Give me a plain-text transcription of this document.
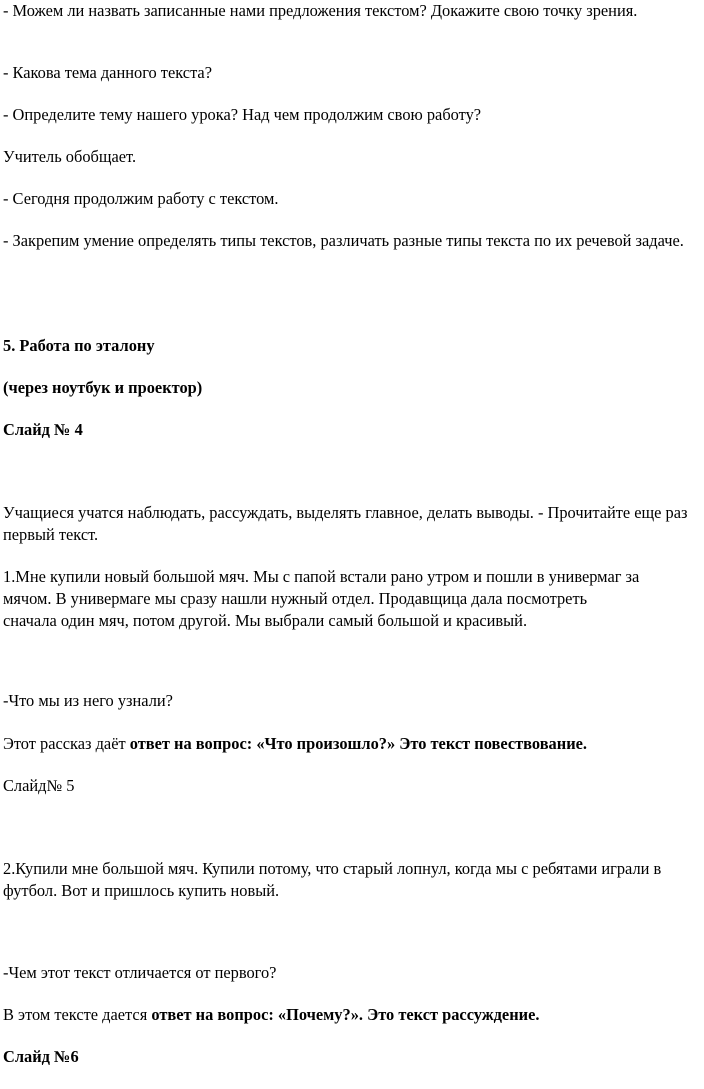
- Можем ли назвать записанные нами предложения текстом? Докажите свою точку зрения.

- Какова тема данного текста?

- Определите тему нашего урока? Над чем продолжим свою работу?

Учитель обобщает.

- Сегодня продолжим работу с текстом.

- Закрепим умение определять типы текстов, различать разные типы текста по их речевой задаче.

5. Работа по эталону

(через ноутбук и проектор)

Слайд № 4

Учащиеся учатся наблюдать, рассуждать, выделять главное, делать выводы. - Прочитайте еще раз первый текст.

1.Мне купили новый большой мяч. Мы с папой встали рано утром и пошли в универмаг за

мячом. В универмаге мы сразу нашли нужный отдел. Продавщица дала посмотреть

сначала один мяч, потом другой. Мы выбрали самый большой и красивый.

-Что мы из него узнали?

Этот рассказ даёт ответ на вопрос: «Что произошло?» Это текст повествование.

Слайд№ 5

2.Купили мне большой мяч. Купили потому, что старый лопнул, когда мы с ребятами играли в футбол. Вот и пришлось купить новый.

-Чем этот текст отличается от первого?

В этом тексте дается ответ на вопрос: «Почему?». Это текст рассуждение.

Слайд №6
